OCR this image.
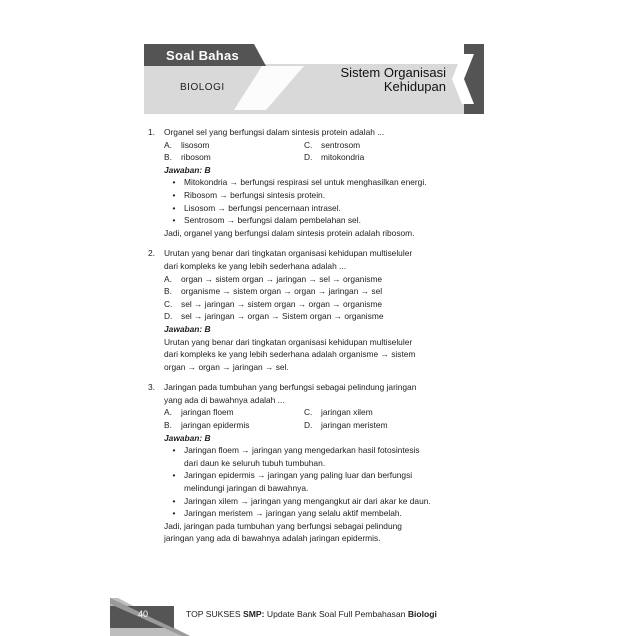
Soal Bahas
BIOLOGI
Sistem Organisasi
Kehidupan
1. Organel sel yang berfungsi dalam sintesis protein adalah ...
A.	lisosom	C.	sentrosom
B.	ribosom	D.	mitokondria
Jawaban: B
•	Mitokondria → berfungsi respirasi sel untuk menghasilkan energi.
•	Ribosom → berfungsi sintesis protein.
•	Lisosom → berfungsi pencernaan intrasel.
•	Sentrosom → berfungsi dalam pembelahan sel.
Jadi, organel yang berfungsi dalam sintesis protein adalah ribosom.
2. Urutan yang benar dari tingkatan organisasi kehidupan multiseluler
dari kompleks ke yang lebih sederhana adalah ...
A.	organ → sistem organ → jaringan → sel → organisme
B.	organisme → sistem organ → organ → jaringan → sel
C.	sel → jaringan → sistem organ → organ → organisme
D.	sel → jaringan → organ → Sistem organ → organisme
Jawaban: B
Urutan yang benar dari tingkatan organisasi kehidupan multiseluler
dari kompleks ke yang lebih sederhana adalah organisme → sistem
organ → organ → jaringan → sel.
3. Jaringan pada tumbuhan yang berfungsi sebagai pelindung jaringan
yang ada di bawahnya adalah ...
A.	jaringan floem	C.	jaringan xilem
B.	jaringan epidermis	D.	jaringan meristem
Jawaban: B
•	Jaringan floem → jaringan yang mengedarkan hasil fotosintesis
dari daun ke seluruh tubuh tumbuhan.
•	Jaringan epidermis → jaringan yang paling luar dan berfungsi
melindungi jaringan di bawahnya.
•	Jaringan xilem → jaringan yang mengangkut air dari akar ke daun.
•	Jaringan meristem → jaringan yang selalu aktif membelah.
Jadi, jaringan pada tumbuhan yang berfungsi sebagai pelindung
jaringan yang ada di bawahnya adalah jaringan epidermis.
40	TOP SUKSES SMP: Update Bank Soal Full Pembahasan Biologi
